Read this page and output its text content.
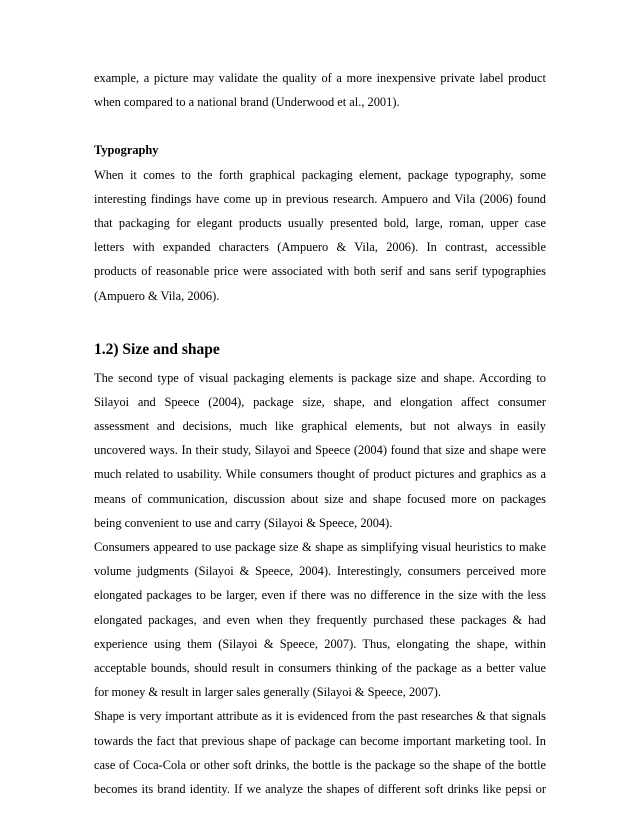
example, a picture may validate the quality of a more inexpensive private label product
when compared to a national brand (Underwood et al., 2001).
Typography
When it comes to the forth graphical packaging element, package typography, some
interesting findings have come up in previous research. Ampuero and Vila (2006) found
that packaging for elegant products usually presented bold, large, roman, upper case
letters with expanded characters (Ampuero & Vila, 2006). In contrast, accessible
products of reasonable price were associated with both serif and sans serif typographies
(Ampuero & Vila, 2006).
1.2) Size and shape
The second type of visual packaging elements is package size and shape. According to
Silayoi and Speece (2004), package size, shape, and elongation affect consumer
assessment and decisions, much like graphical elements, but not always in easily
uncovered ways. In their study, Silayoi and Speece (2004) found that size and shape were
much related to usability. While consumers thought of product pictures and graphics as a
means of communication, discussion about size and shape focused more on packages
being convenient to use and carry (Silayoi & Speece, 2004).
Consumers appeared to use package size & shape as simplifying visual heuristics to make
volume judgments (Silayoi & Speece, 2004). Interestingly, consumers perceived more
elongated packages to be larger, even if there was no difference in the size with the less
elongated packages, and even when they frequently purchased these packages & had
experience using them (Silayoi & Speece, 2007). Thus, elongating the shape, within
acceptable bounds, should result in consumers thinking of the package as a better value
for money & result in larger sales generally (Silayoi & Speece, 2007).
Shape is very important attribute as it is evidenced from the past researches & that signals
towards the fact that previous shape of package can become important marketing tool. In
case of Coca-Cola or other soft drinks, the bottle is the package so the shape of the bottle
becomes its brand identity. If we analyze the shapes of different soft drinks like pepsi or
